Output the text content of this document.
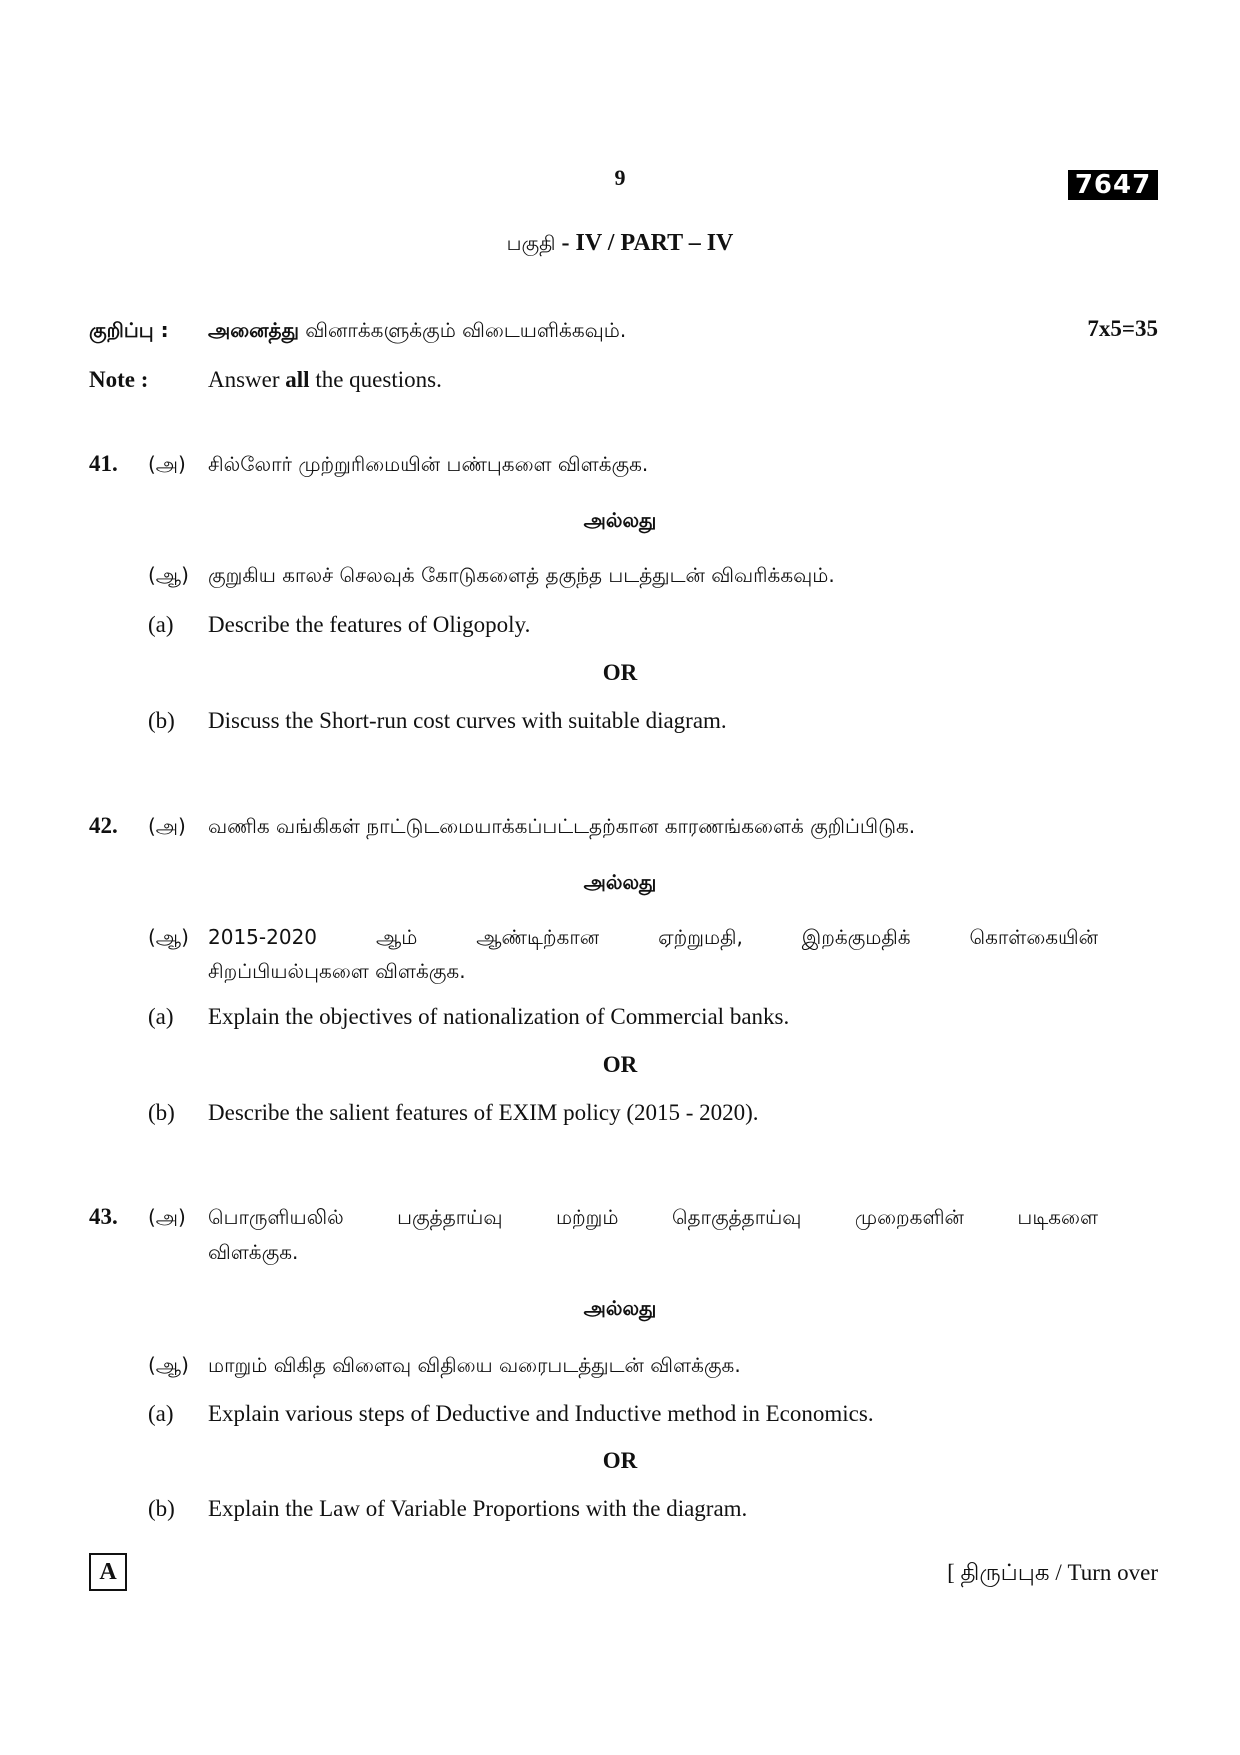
9	7647
பகுதி - IV / PART – IV
குறிப்பு : அனைத்து வினாக்களுக்கும் விடையளிக்கவும்.	7x5=35
Note :	Answer all the questions.
41. (அ) சில்லோர் முற்றுரிமையின் பண்புகளை விளக்குக.
அல்லது
(ஆ) குறுகிய காலச் செலவுக் கோடுகளைத் தகுந்த படத்துடன் விவரிக்கவும்.
(a) Describe the features of Oligopoly.
OR
(b) Discuss the Short-run cost curves with suitable diagram.
42. (அ) வணிக வங்கிகள் நாட்டுடமையாக்கப்பட்டதற்கான காரணங்களைக் குறிப்பிடுக.
அல்லது
(ஆ) 2015-2020 ஆம் ஆண்டிற்கான ஏற்றுமதி, இறக்குமதிக் கொள்கையின்
சிறப்பியல்புகளை விளக்குக.
(a) Explain the objectives of nationalization of Commercial banks.
OR
(b) Describe the salient features of EXIM policy (2015 - 2020).
43. (அ) பொருளியலில் பகுத்தாய்வு மற்றும் தொகுத்தாய்வு முறைகளின் படிகளை
விளக்குக.
அல்லது
(ஆ) மாறும் விகித விளைவு விதியை வரைபடத்துடன் விளக்குக.
(a) Explain various steps of Deductive and Inductive method in Economics.
OR
(b) Explain the Law of Variable Proportions with the diagram.
A	[ திருப்புக / Turn over
